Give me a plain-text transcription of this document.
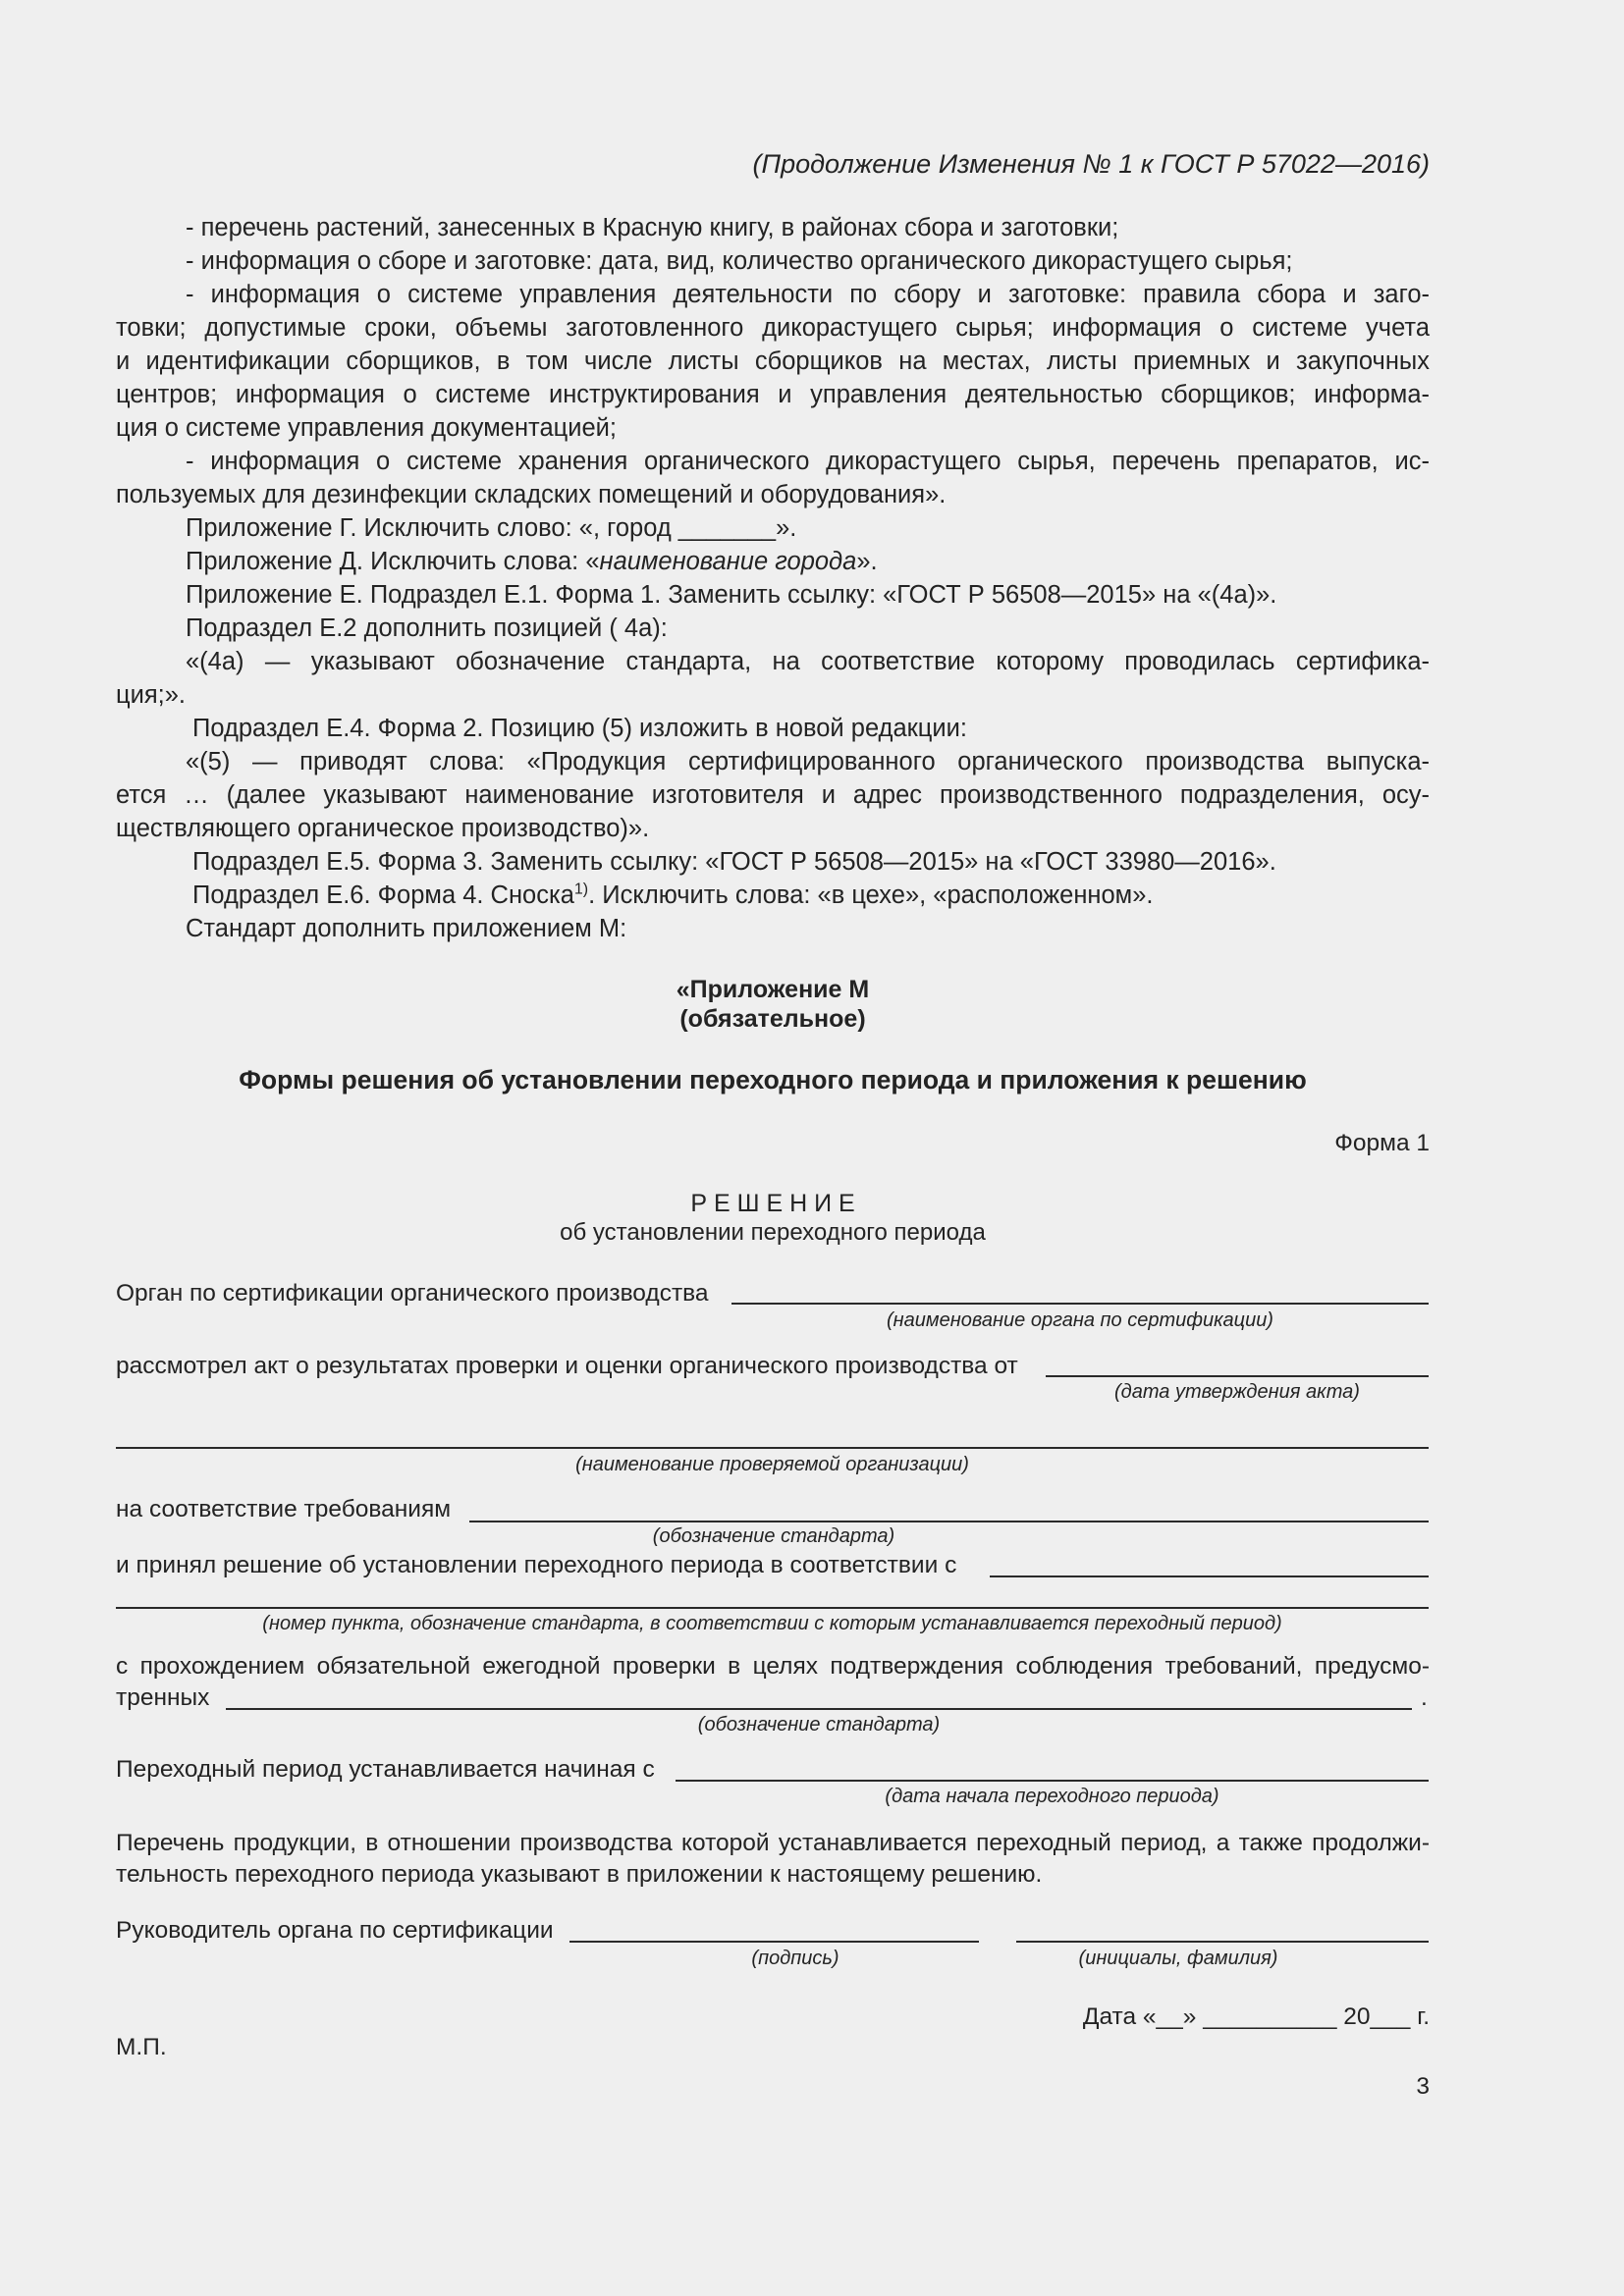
(Продолжение Изменения № 1 к ГОСТ Р 57022—2016)
- перечень растений, занесенных в Красную книгу, в районах сбора и заготовки;
- информация о сборе и заготовке: дата, вид, количество органического дикорастущего сырья;
- информация о системе управления деятельности по сбору и заготовке: правила сбора и заго-
товки; допустимые сроки, объемы заготовленного дикорастущего сырья; информация о системе учета
и идентификации сборщиков, в том числе листы сборщиков на местах, листы приемных и закупочных
центров; информация о системе инструктирования и управления деятельностью сборщиков; информа-
ция о системе управления документацией;
- информация о системе хранения органического дикорастущего сырья, перечень препаратов, ис-
пользуемых для дезинфекции складских помещений и оборудования».
Приложение Г. Исключить слово: «, город _______».
Приложение Д. Исключить слова: «наименование города».
Приложение Е. Подраздел Е.1. Форма 1. Заменить ссылку: «ГОСТ Р 56508—2015» на «(4а)».
Подраздел Е.2 дополнить позицией ( 4а):
«(4а) — указывают обозначение стандарта, на соответствие которому проводилась сертифика-
ция;».
Подраздел Е.4. Форма 2. Позицию (5) изложить в новой редакции:
«(5) — приводят слова: «Продукция сертифицированного органического производства выпуска-
ется … (далее указывают наименование изготовителя и адрес производственного подразделения, осу-
ществляющего органическое производство)».
Подраздел Е.5. Форма 3. Заменить ссылку: «ГОСТ Р 56508—2015» на «ГОСТ 33980—2016».
Подраздел Е.6. Форма 4. Сноска$^{1)}$. Исключить слова: «в цехе», «расположенном».
Стандарт дополнить приложением М:
«Приложение М
(обязательное)
Формы решения об установлении переходного периода и приложения к решению
Форма 1
Р Е Ш Е Н И Е
об установлении переходного периода
Орган по сертификации органического производства
(наименование органа по сертификации)
рассмотрел акт о результатах проверки и оценки органического производства от
(дата утверждения акта)
(наименование проверяемой организации)
на соответствие требованиям
(обозначение стандарта)
и принял решение об установлении переходного периода в соответствии с
(номер пункта, обозначение стандарта, в соответствии с которым устанавливается переходный период)
с прохождением обязательной ежегодной проверки в целях подтверждения соблюдения требований, предусмо-
тренных	.
(обозначение стандарта)
Переходный период устанавливается начиная с
(дата начала переходного периода)
Перечень продукции, в отношении производства которой устанавливается переходный период, а также продолжи-
тельность переходного периода указывают в приложении к настоящему решению.
Руководитель органа по сертификации
(подпись)	(инициалы, фамилия)
Дата «__» __________ 20___ г.
М.П.
3
